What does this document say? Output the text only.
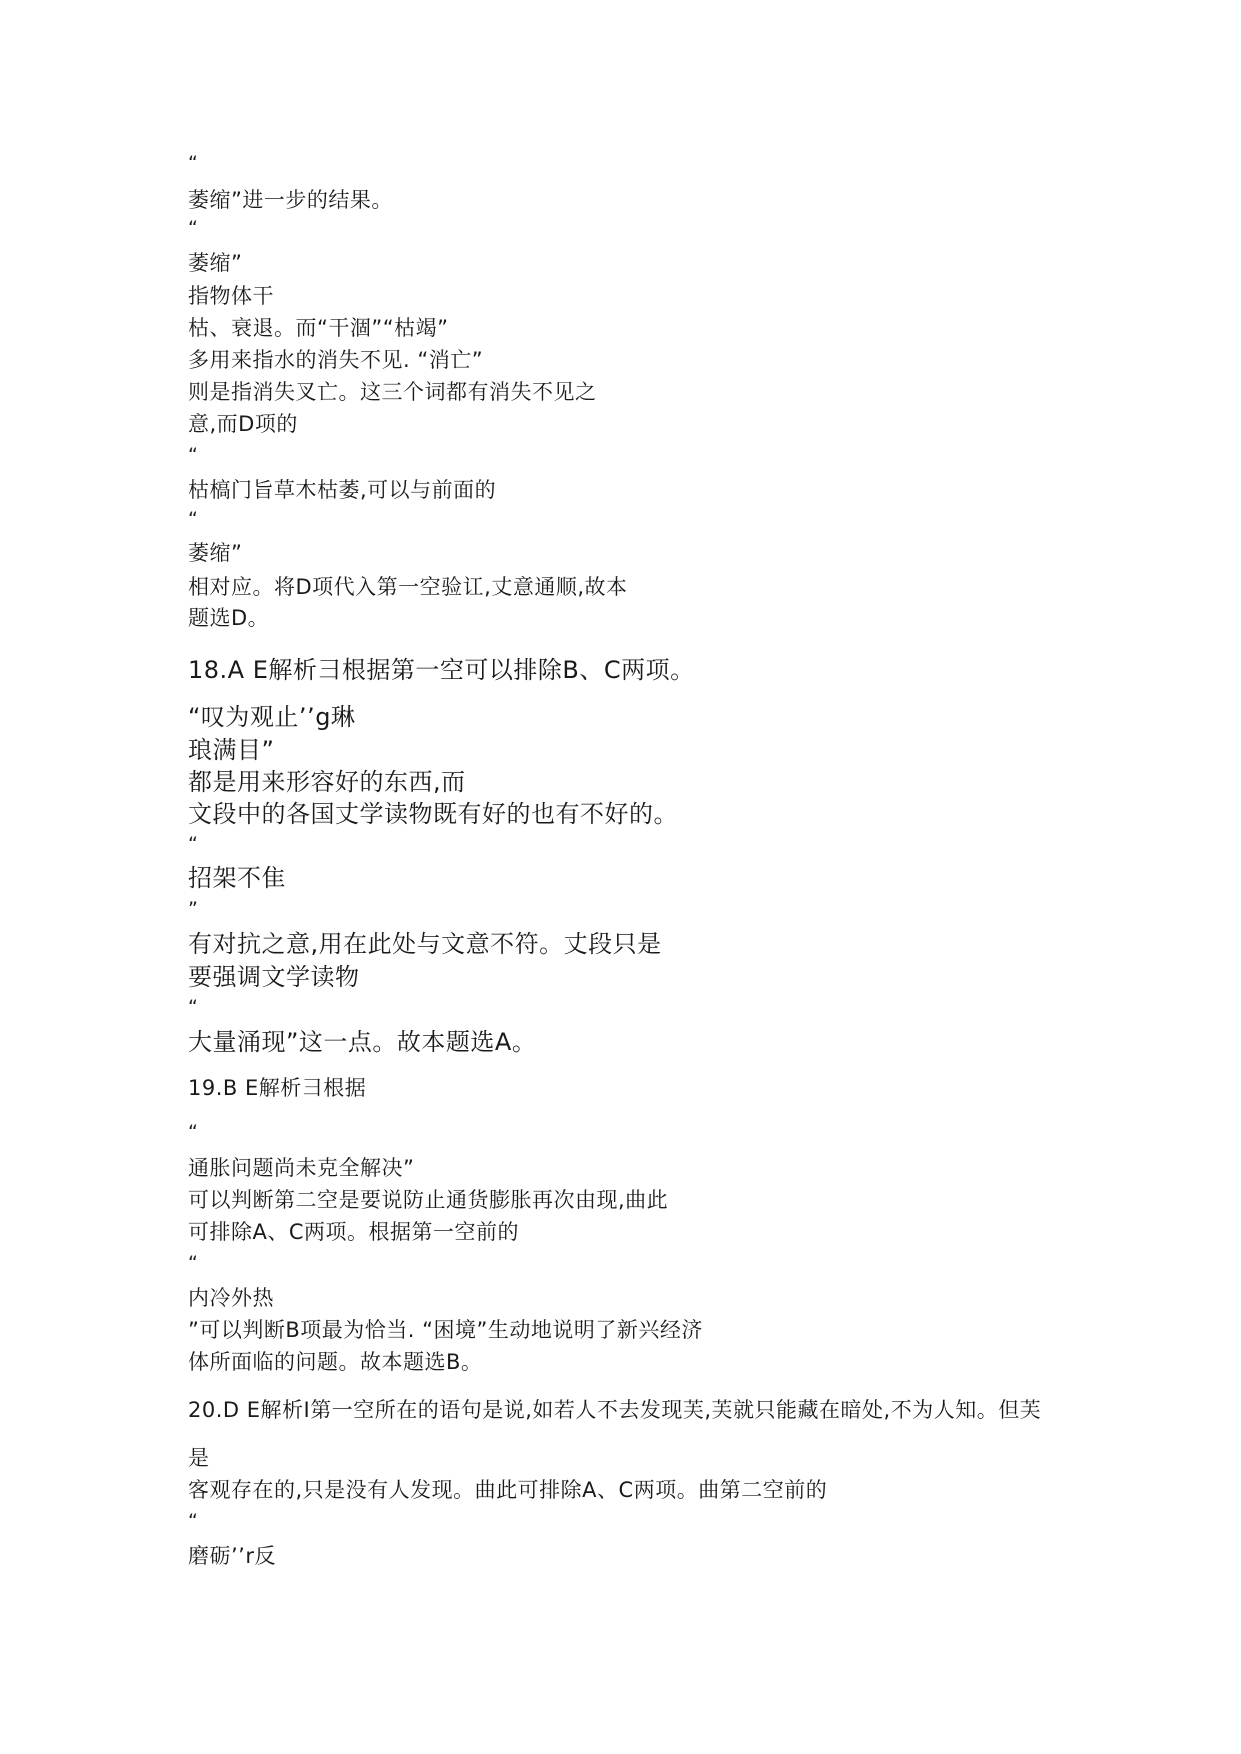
“
萎缩”进一步的结果。
“
萎缩”
指物体干
枯、衰退。而“干涸”“枯竭”
多用来指水的消失不见. “消亡”
则是指消失叉亡。这三个词都有消失不见之
意,而D项的
“
枯槁门旨草木枯萎,可以与前面的
“
萎缩”
相对应。将D项代入第一空验讧,丈意通顺,故本
题选D。
18.A E解析彐根据第一空可以排除B、C两项。
“叹为观止’’g琳
琅满目”
都是用来形容好的东西,而
文段中的各国丈学读物既有好的也有不好的。
“
招架不隹
”
有对抗之意,用在此处与文意不符。丈段只是
要强调文学读物
“
大量涌现”这一点。故本题选A。
19.B E解析彐根据
“
通胀问题尚未克全解决”
可以判断第二空是要说防止通货膨胀再次由现,曲此
可排除A、C两项。根据第一空前的
“
内冷外热
”可以判断B项最为恰当. “困境”生动地说明了新兴经济
体所面临的问题。故本题选B。
20.D E解析I第一空所在的语句是说,如若人不去发现芙,芙就只能藏在暗处,不为人知。但芙
是
客观存在的,只是没有人发现。曲此可排除A、C两项。曲第二空前的
“
磨砺’’r反
